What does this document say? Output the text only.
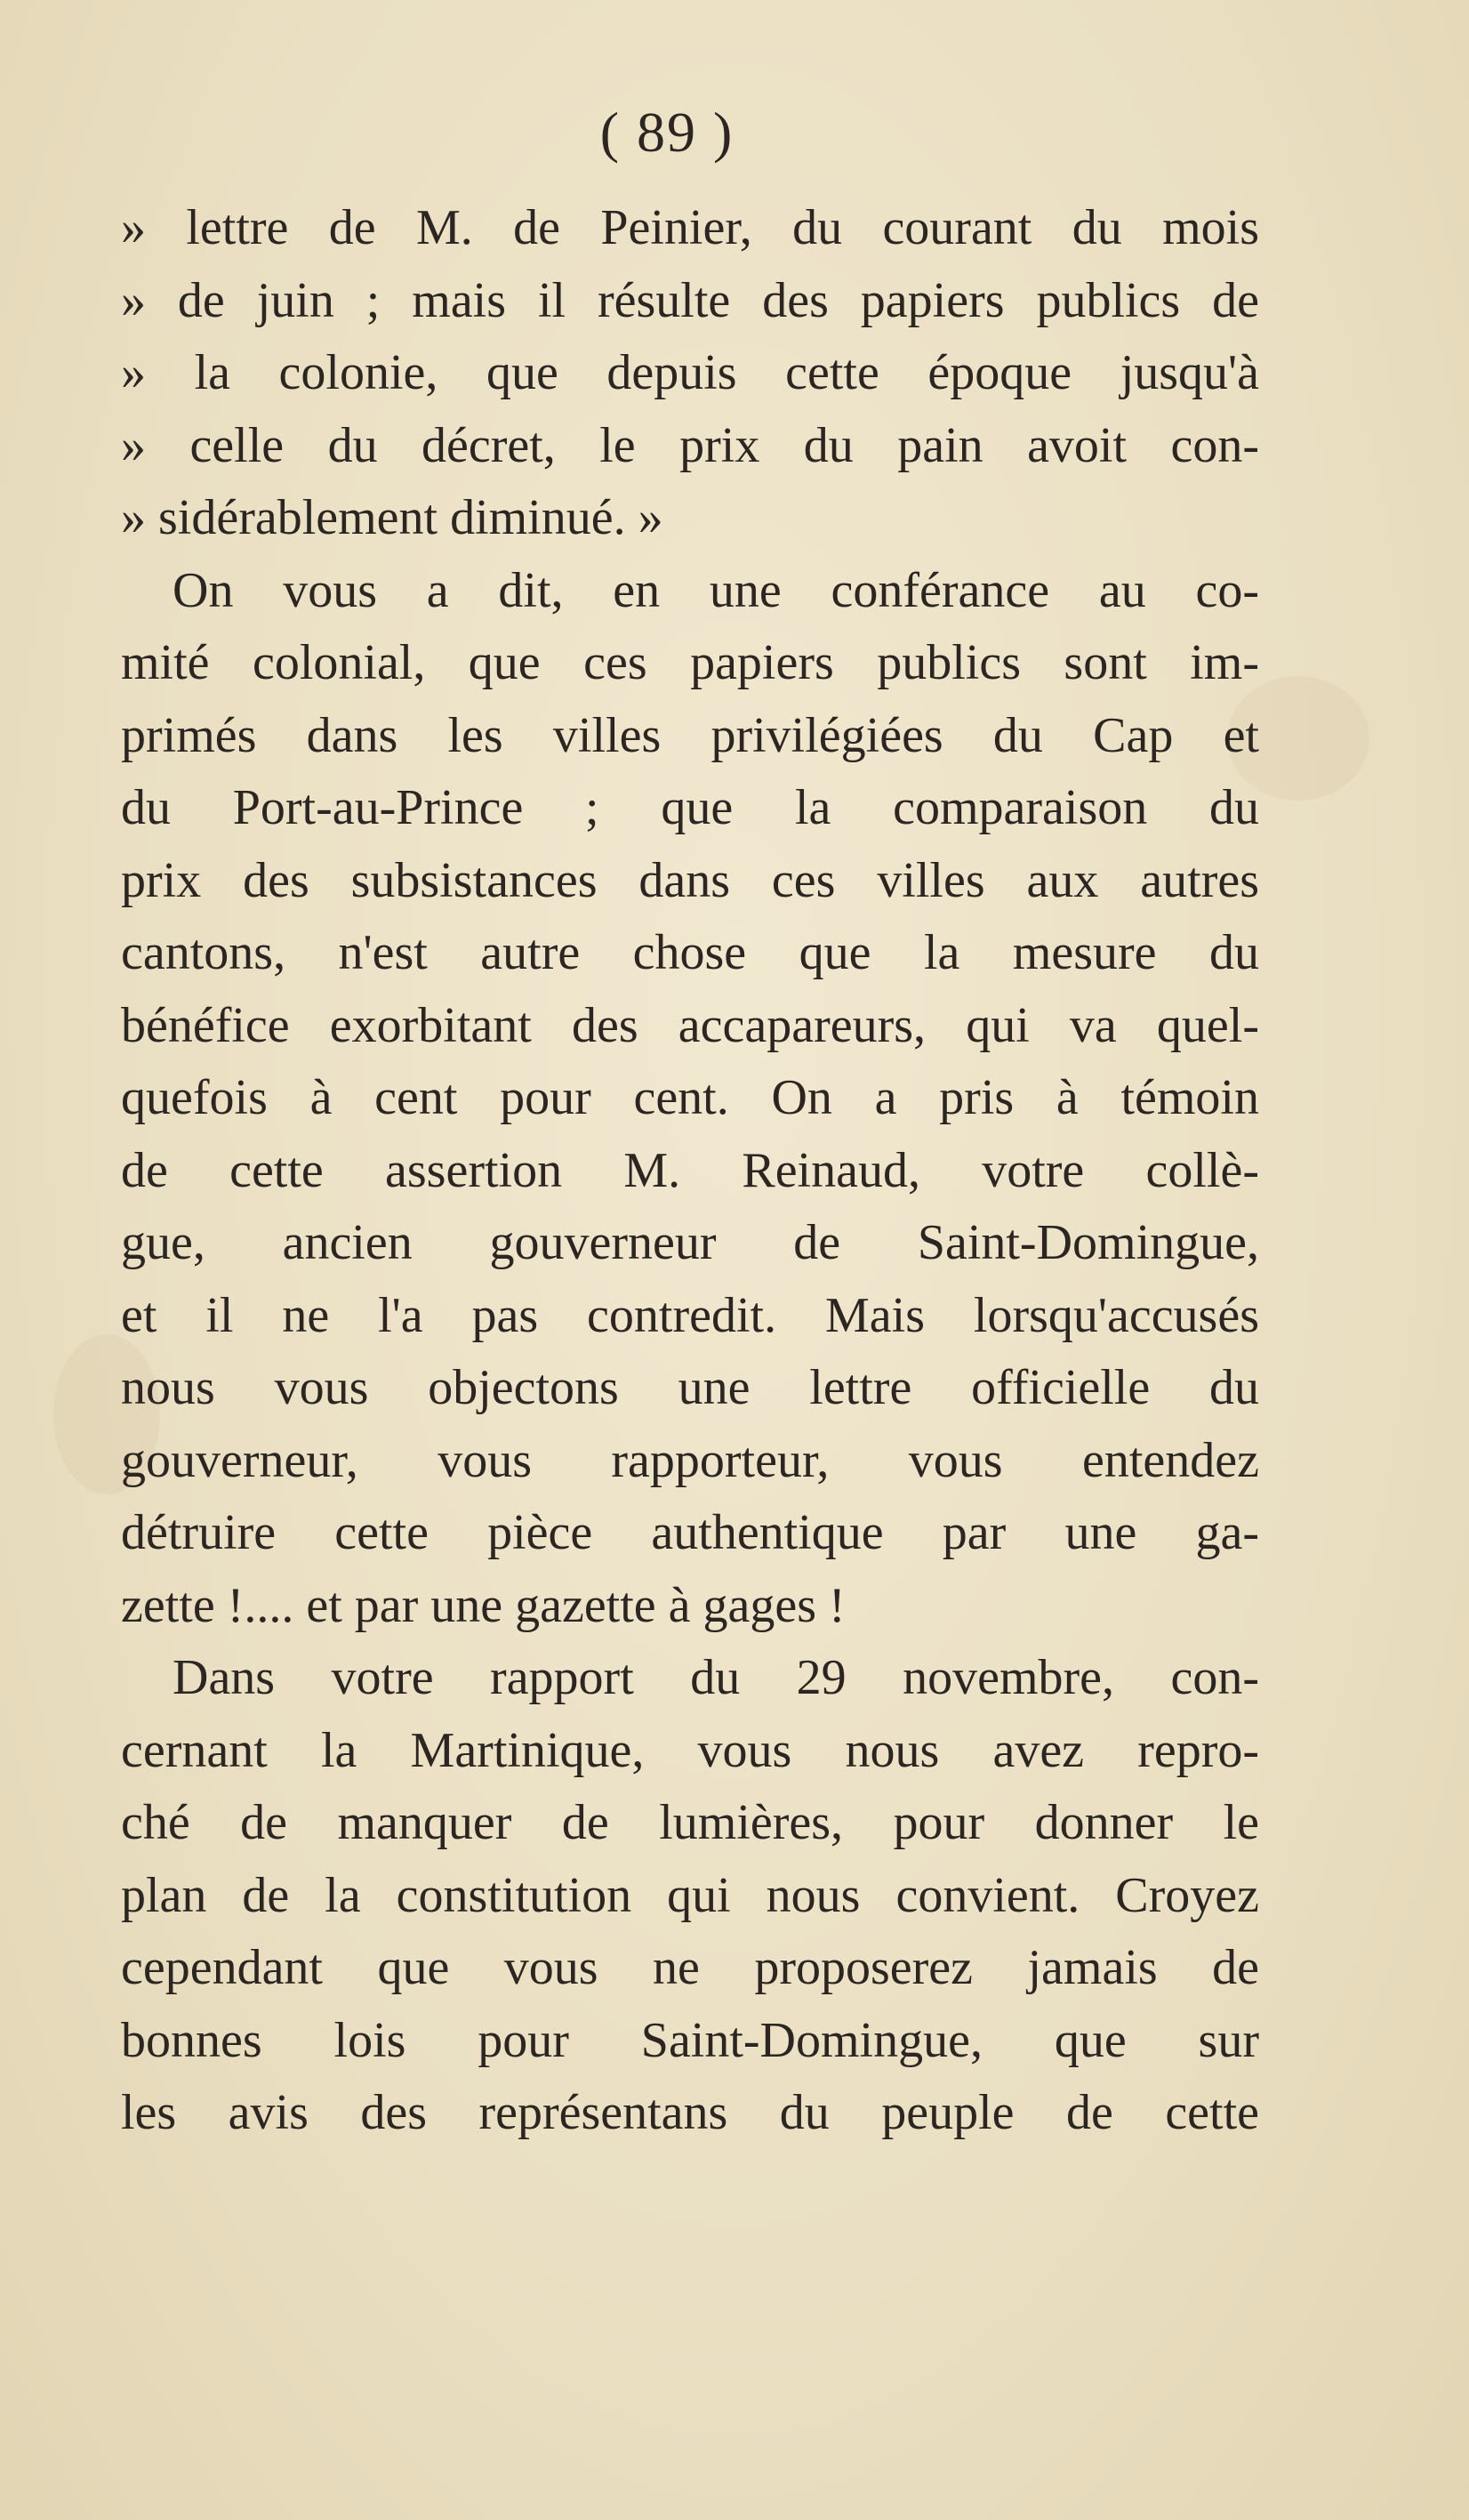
( 89 )
» lettre de M. de Peinier, du courant du mois
» de juin ; mais il résulte des papiers publics de
» la colonie, que depuis cette époque jusqu'à
» celle du décret, le prix du pain avoit con-
» sidérablement diminué. »
On vous a dit, en une conférance au co-
mité colonial, que ces papiers publics sont im-
primés dans les villes privilégiées du Cap et
du Port-au-Prince ; que la comparaison du
prix des subsistances dans ces villes aux autres
cantons, n'est autre chose que la mesure du
bénéfice exorbitant des accapareurs, qui va quel-
quefois à cent pour cent. On a pris à témoin
de cette assertion M. Reinaud, votre collè-
gue, ancien gouverneur de Saint-Domingue,
et il ne l'a pas contredit. Mais lorsqu'accusés
nous vous objectons une lettre officielle du
gouverneur, vous rapporteur, vous entendez
détruire cette pièce authentique par une ga-
zette !.... et par une gazette à gages !
Dans votre rapport du 29 novembre, con-
cernant la Martinique, vous nous avez repro-
ché de manquer de lumières, pour donner le
plan de la constitution qui nous convient. Croyez
cependant que vous ne proposerez jamais de
bonnes lois pour Saint-Domingue, que sur
les avis des représentans du peuple de cette
